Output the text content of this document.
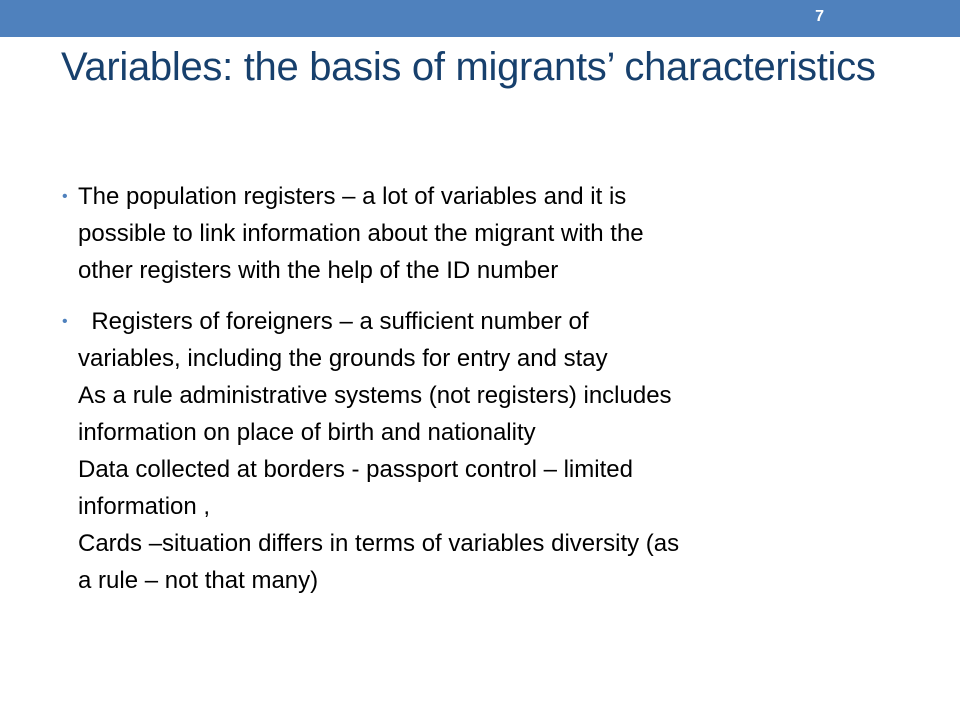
7
Variables: the basis of migrants’ characteristics
• The population registers – a lot of variables and it is
possible to link information about the migrant with the
other registers with the help of the ID number
• Registers of foreigners – a sufficient number of
variables, including the grounds for entry and stay
As a rule administrative systems (not registers) includes
information on place of birth and nationality
Data collected at borders - passport control – limited
information ,
Cards –situation differs in terms of variables diversity (as
a rule – not that many)
